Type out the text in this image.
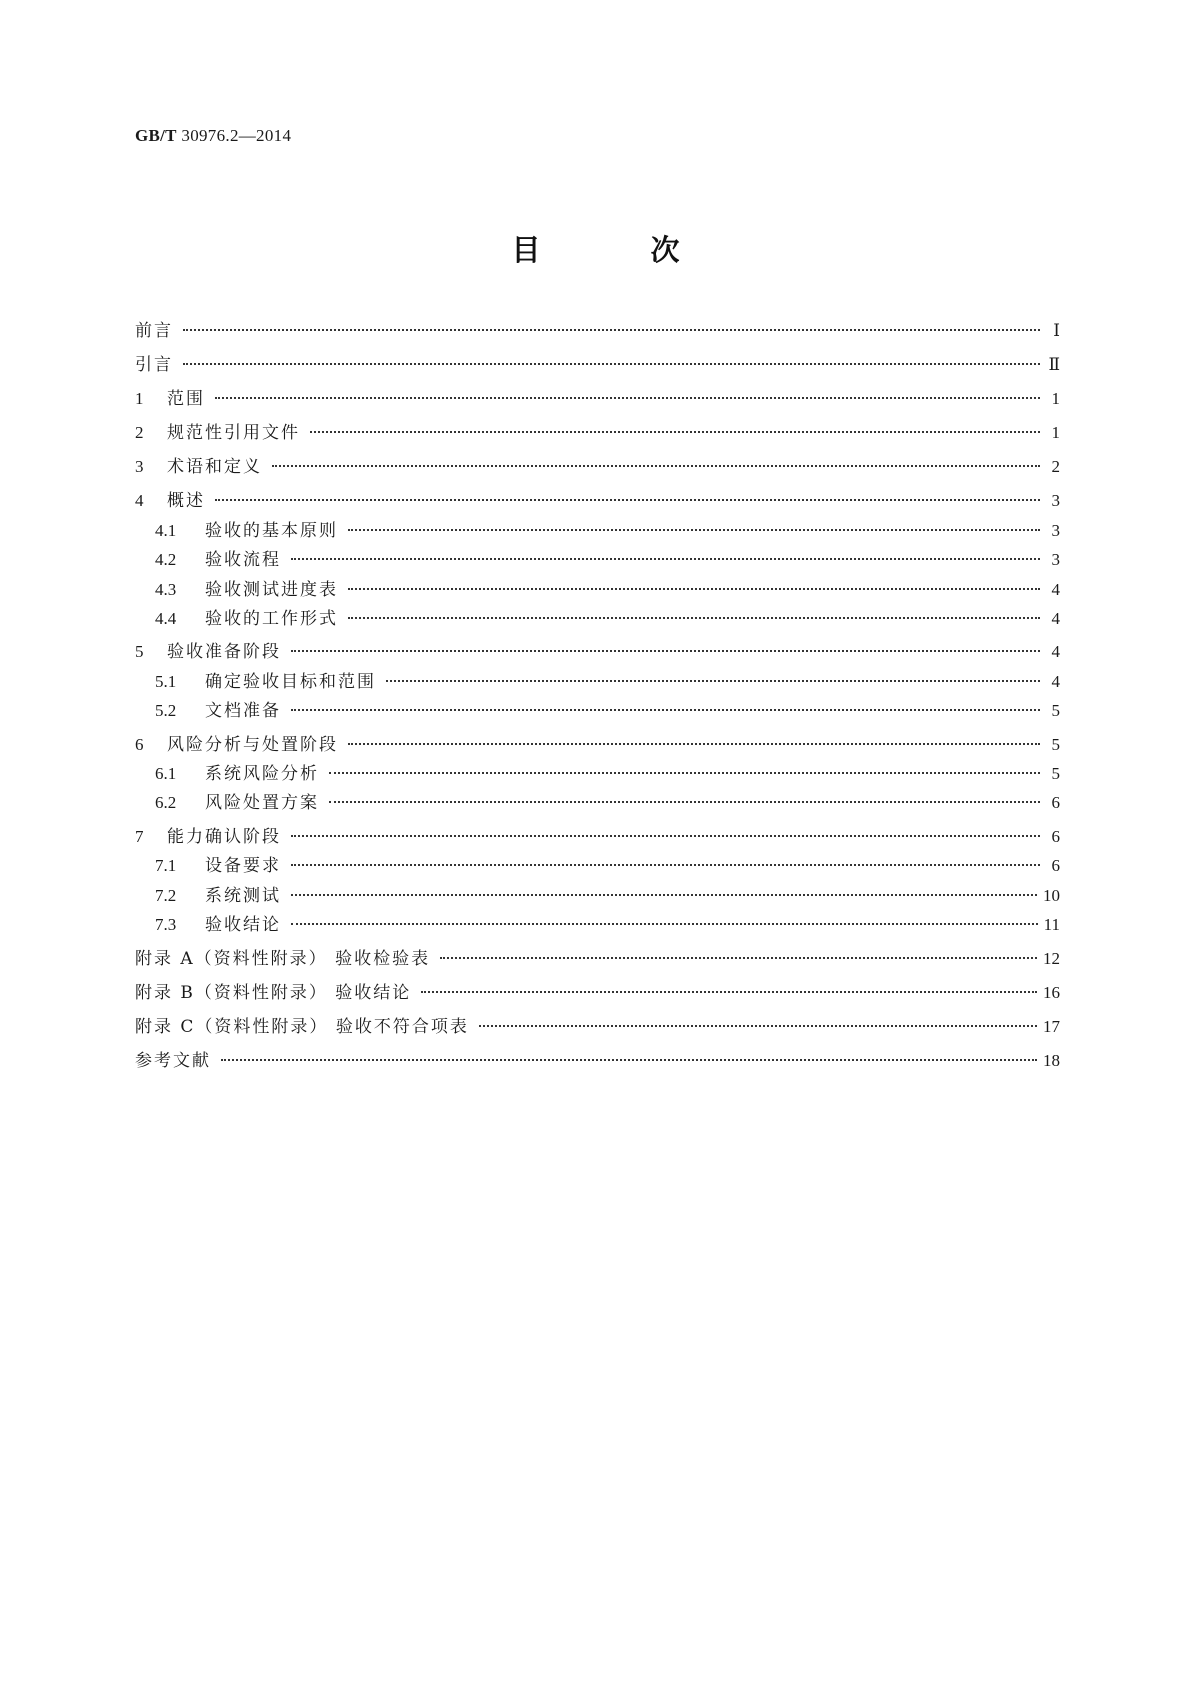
GB/T 30976.2—2014
目 次
前言	Ⅰ
引言	Ⅱ
1	范围	1
2	规范性引用文件	1
3	术语和定义	2
4	概述	3
4.1	验收的基本原则	3
4.2	验收流程	3
4.3	验收测试进度表	4
4.4	验收的工作形式	4
5	验收准备阶段	4
5.1	确定验收目标和范围	4
5.2	文档准备	5
6	风险分析与处置阶段	5
6.1	系统风险分析	5
6.2	风险处置方案	6
7	能力确认阶段	6
7.1	设备要求	6
7.2	系统测试	10
7.3	验收结论	11
附录 A（资料性附录） 验收检验表	12
附录 B（资料性附录） 验收结论	16
附录 C（资料性附录） 验收不符合项表	17
参考文献	18
